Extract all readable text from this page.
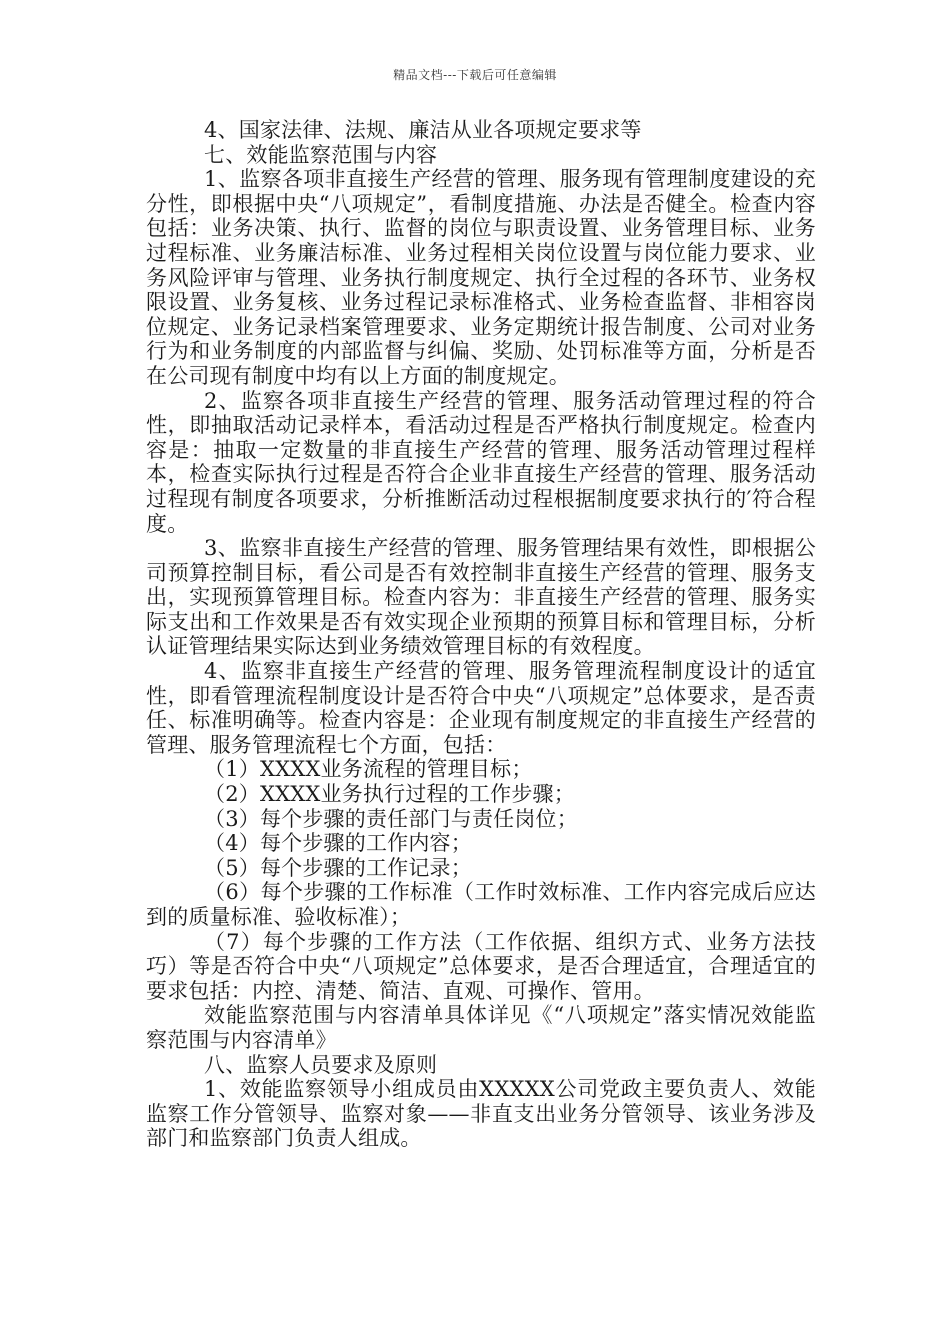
精品文档---下载后可任意编辑

4、国家法律、法规、廉洁从业各项规定要求等

七、效能监察范围与内容

1、监察各项非直接生产经营的管理、服务现有管理制度建设的充分性，即根据中央“八项规定”，看制度措施、办法是否健全。检查内容包括：业务决策、执行、监督的岗位与职责设置、业务管理目标、业务过程标准、业务廉洁标准、业务过程相关岗位设置与岗位能力要求、业务风险评审与管理、业务执行制度规定、执行全过程的各环节、业务权限设置、业务复核、业务过程记录标准格式、业务检查监督、非相容岗位规定、业务记录档案管理要求、业务定期统计报告制度、公司对业务行为和业务制度的内部监督与纠偏、奖励、处罚标准等方面，分析是否在公司现有制度中均有以上方面的制度规定。

2、监察各项非直接生产经营的管理、服务活动管理过程的符合性，即抽取活动记录样本，看活动过程是否严格执行制度规定。检查内容是：抽取一定数量的非直接生产经营的管理、服务活动管理过程样本，检查实际执行过程是否符合企业非直接生产经营的管理、服务活动过程现有制度各项要求，分析推断活动过程根据制度要求执行的′符合程度。

3、监察非直接生产经营的管理、服务管理结果有效性，即根据公司预算控制目标，看公司是否有效控制非直接生产经营的管理、服务支出，实现预算管理目标。检查内容为：非直接生产经营的管理、服务实际支出和工作效果是否有效实现企业预期的预算目标和管理目标，分析认证管理结果实际达到业务绩效管理目标的有效程度。

4、监察非直接生产经营的管理、服务管理流程制度设计的适宜性，即看管理流程制度设计是否符合中央“八项规定”总体要求，是否责任、标准明确等。检查内容是：企业现有制度规定的非直接生产经营的管理、服务管理流程七个方面，包括：

（1）XXXX业务流程的管理目标；

（2）XXXX业务执行过程的工作步骤；

（3）每个步骤的责任部门与责任岗位；

（4）每个步骤的工作内容；

（5）每个步骤的工作记录；

（6）每个步骤的工作标准（工作时效标准、工作内容完成后应达到的质量标准、验收标准）；

（7）每个步骤的工作方法（工作依据、组织方式、业务方法技巧）等是否符合中央“八项规定”总体要求，是否合理适宜，合理适宜的要求包括：内控、清楚、简洁、直观、可操作、管用。

效能监察范围与内容清单具体详见《“八项规定”落实情况效能监察范围与内容清单》

八、监察人员要求及原则

1、效能监察领导小组成员由XXXXX公司党政主要负责人、效能监察工作分管领导、监察对象——非直支出业务分管领导、该业务涉及部门和监察部门负责人组成。
